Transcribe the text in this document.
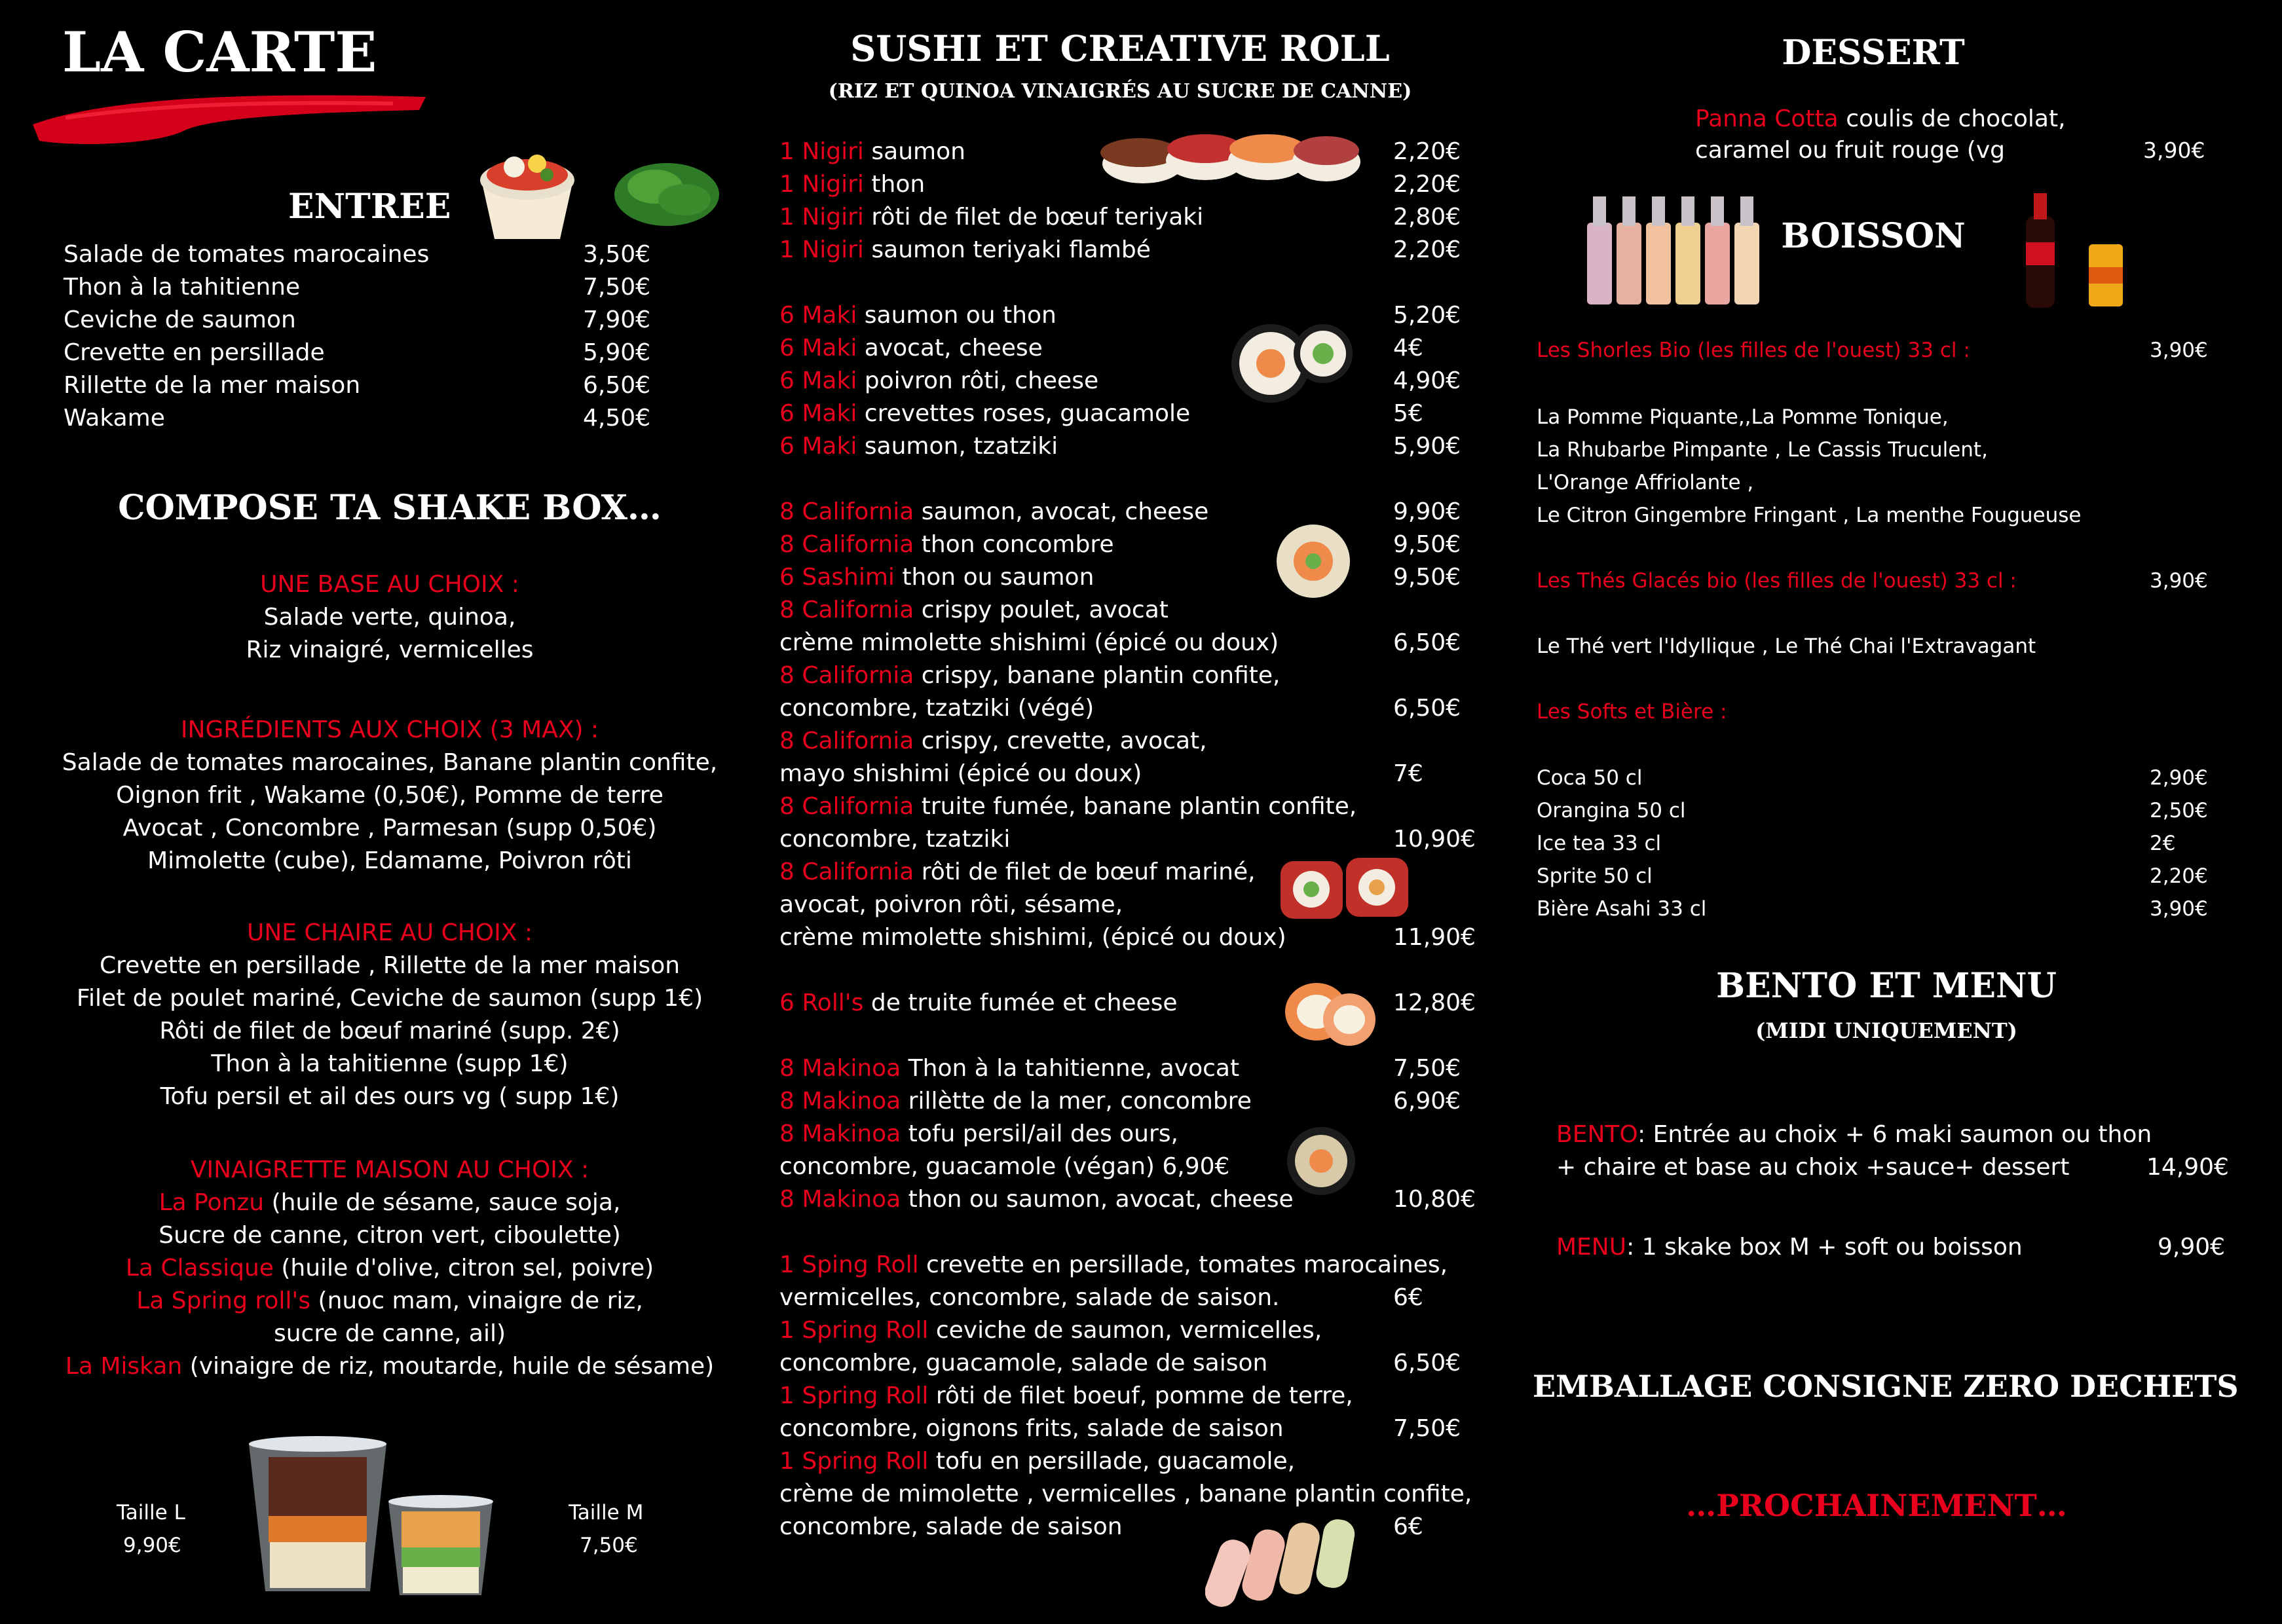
LA CARTE
ENTREE
Salade de tomates marocaines	3,50€
Thon à la tahitienne	7,50€
Ceviche de saumon	7,90€
Crevette en persillade	5,90€
Rillette de la mer maison	6,50€
Wakame	4,50€
COMPOSE TA SHAKE BOX…
UNE BASE AU CHOIX :
Salade verte, quinoa,
Riz vinaigré, vermicelles
INGRÉDIENTS AUX CHOIX (3 MAX) :
Salade de tomates marocaines, Banane plantin confite,
Oignon frit , Wakame (0,50€), Pomme de terre
Avocat , Concombre , Parmesan (supp 0,50€)
Mimolette (cube), Edamame, Poivron rôti
UNE CHAIRE AU CHOIX :
Crevette en persillade , Rillette de la mer maison
Filet de poulet mariné, Ceviche de saumon (supp 1€)
Rôti de filet de bœuf mariné (supp. 2€)
Thon à la tahitienne (supp 1€)
Tofu persil et ail des ours vg ( supp 1€)
VINAIGRETTE MAISON AU CHOIX :
La Ponzu (huile de sésame, sauce soja,
Sucre de canne, citron vert, ciboulette)
La Classique (huile d'olive, citron sel, poivre)
La Spring roll's (nuoc mam, vinaigre de riz,
sucre de canne, ail)
La Miskan (vinaigre de riz, moutarde, huile de sésame)
Taille L
9,90€
Taille M
7,50€
SUSHI ET CREATIVE ROLL
(RIZ ET QUINOA VINAIGRÉS AU SUCRE DE CANNE)
1 Nigiri saumon	2,20€
1 Nigiri thon	2,20€
1 Nigiri rôti de filet de bœuf teriyaki	2,80€
1 Nigiri saumon teriyaki flambé	2,20€
6 Maki saumon ou thon	5,20€
6 Maki avocat, cheese	4€
6 Maki poivron rôti, cheese	4,90€
6 Maki crevettes roses, guacamole	5€
6 Maki saumon, tzatziki	5,90€
8 California saumon, avocat, cheese	9,90€
8 California thon concombre	9,50€
6 Sashimi thon ou saumon	9,50€
8 California crispy poulet, avocat
crème mimolette shishimi (épicé ou doux)	6,50€
8 California crispy, banane plantin confite,
concombre, tzatziki (végé)	6,50€
8 California crispy, crevette, avocat,
mayo shishimi (épicé ou doux)	7€
8 California truite fumée, banane plantin confite,
concombre, tzatziki	10,90€
8 California rôti de filet de bœuf mariné,
avocat, poivron rôti, sésame,
crème mimolette shishimi, (épicé ou doux)	11,90€
6 Roll's de truite fumée et cheese	12,80€
8 Makinoa Thon à la tahitienne, avocat	7,50€
8 Makinoa rillètte de la mer, concombre	6,90€
8 Makinoa tofu persil/ail des ours,
concombre, guacamole (végan) 6,90€
8 Makinoa thon ou saumon, avocat, cheese	10,80€
1 Sping Roll crevette en persillade, tomates marocaines,
vermicelles, concombre, salade de saison.	6€
1 Spring Roll ceviche de saumon, vermicelles,
concombre, guacamole, salade de saison	6,50€
1 Spring Roll rôti de filet boeuf, pomme de terre,
concombre, oignons frits, salade de saison	7,50€
1 Spring Roll tofu en persillade, guacamole,
crème de mimolette , vermicelles , banane plantin confite,
concombre, salade de saison	6€
DESSERT
Panna Cotta coulis de chocolat,
caramel ou fruit rouge (vg	3,90€
BOISSON
Les Shorles Bio (les filles de l'ouest) 33 cl :	3,90€
La Pomme Piquante,,La Pomme Tonique,
La Rhubarbe Pimpante , Le Cassis Truculent,
L'Orange Affriolante ,
Le Citron Gingembre Fringant , La menthe Fougueuse
Les Thés Glacés bio (les filles de l'ouest) 33 cl :	3,90€
Le Thé vert l'Idyllique , Le Thé Chai l'Extravagant
Les Softs et Bière :
Coca 50 cl	2,90€
Orangina 50 cl	2,50€
Ice tea 33 cl	2€
Sprite 50 cl	2,20€
Bière Asahi 33 cl	3,90€
BENTO ET MENU
(MIDI UNIQUEMENT)
BENTO: Entrée au choix + 6 maki saumon ou thon
+ chaire et base au choix +sauce+ dessert	14,90€
MENU: 1 skake box M + soft ou boisson	9,90€
EMBALLAGE CONSIGNE ZERO DECHETS
…PROCHAINEMENT…
